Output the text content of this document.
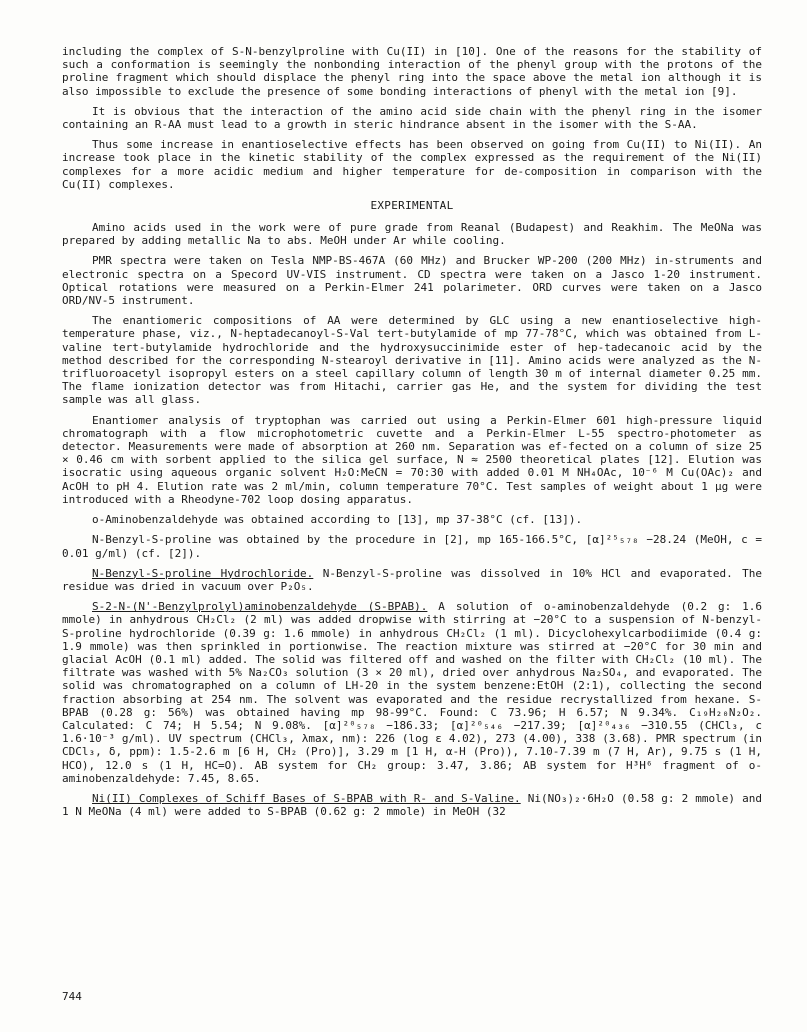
including the complex of S-N-benzylproline with Cu(II) in [10]. One of the reasons for the stability of such a conformation is seemingly the nonbonding interaction of the phenyl group with the protons of the proline fragment which should displace the phenyl ring into the space above the metal ion although it is also impossible to exclude the presence of some bonding interactions of phenyl with the metal ion [9].

It is obvious that the interaction of the amino acid side chain with the phenyl ring in the isomer containing an R-AA must lead to a growth in steric hindrance absent in the isomer with the S-AA.

Thus some increase in enantioselective effects has been observed on going from Cu(II) to Ni(II). An increase took place in the kinetic stability of the complex expressed as the requirement of the Ni(II) complexes for a more acidic medium and higher temperature for de-composition in comparison with the Cu(II) complexes.

EXPERIMENTAL

Amino acids used in the work were of pure grade from Reanal (Budapest) and Reakhim. The MeONa was prepared by adding metallic Na to abs. MeOH under Ar while cooling.

PMR spectra were taken on Tesla NMP-BS-467A (60 MHz) and Brucker WP-200 (200 MHz) in-struments and electronic spectra on a Specord UV-VIS instrument. CD spectra were taken on a Jasco 1-20 instrument. Optical rotations were measured on a Perkin-Elmer 241 polarimeter. ORD curves were taken on a Jasco ORD/NV-5 instrument.

The enantiomeric compositions of AA were determined by GLC using a new enantioselective high-temperature phase, viz., N-heptadecanoyl-S-Val tert-butylamide of mp 77-78°C, which was obtained from L-valine tert-butylamide hydrochloride and the hydroxysuccinimide ester of hep-tadecanoic acid by the method described for the corresponding N-stearoyl derivative in [11]. Amino acids were analyzed as the N-trifluoroacetyl isopropyl esters on a steel capillary column of length 30 m of internal diameter 0.25 mm. The flame ionization detector was from Hitachi, carrier gas He, and the system for dividing the test sample was all glass.

Enantiomer analysis of tryptophan was carried out using a Perkin-Elmer 601 high-pressure liquid chromatograph with a flow microphotometric cuvette and a Perkin-Elmer L-55 spectro-photometer as detector. Measurements were made of absorption at 260 nm. Separation was ef-fected on a column of size 25 × 0.46 cm with sorbent applied to the silica gel surface, N ≈ 2500 theoretical plates [12]. Elution was isocratic using aqueous organic solvent H₂O:MeCN = 70:30 with added 0.01 M NH₄OAc, 10⁻⁶ M Cu(OAc)₂ and AcOH to pH 4. Elution rate was 2 ml/min, column temperature 70°C. Test samples of weight about 1 μg were introduced with a Rheodyne-702 loop dosing apparatus.

o-Aminobenzaldehyde was obtained according to [13], mp 37-38°C (cf. [13]).

N-Benzyl-S-proline was obtained by the procedure in [2], mp 165-166.5°C, [α]²⁵₅₇₈ −28.24 (MeOH, c = 0.01 g/ml) (cf. [2]).

N-Benzyl-S-proline Hydrochloride. N-Benzyl-S-proline was dissolved in 10% HCl and evaporated. The residue was dried in vacuum over P₂O₅.

S-2-N-(N'-Benzylprolyl)aminobenzaldehyde (S-BPAB). A solution of o-aminobenzaldehyde (0.2 g: 1.6 mmole) in anhydrous CH₂Cl₂ (2 ml) was added dropwise with stirring at −20°C to a suspension of N-benzyl-S-proline hydrochloride (0.39 g: 1.6 mmole) in anhydrous CH₂Cl₂ (1 ml). Dicyclohexylcarbodiimide (0.4 g: 1.9 mmole) was then sprinkled in portionwise. The reaction mixture was stirred at −20°C for 30 min and glacial AcOH (0.1 ml) added. The solid was filtered off and washed on the filter with CH₂Cl₂ (10 ml). The filtrate was washed with 5% Na₂CO₃ solution (3 × 20 ml), dried over anhydrous Na₂SO₄, and evaporated. The solid was chromatographed on a column of LH-20 in the system benzene:EtOH (2:1), collecting the second fraction absorbing at 254 nm. The solvent was evaporated and the residue recrystallized from hexane. S-BPAB (0.28 g: 56%) was obtained having mp 98-99°C. Found: C 73.96; H 6.57; N 9.34%. C₁₉H₂₀N₂O₂. Calculated: C 74; H 5.54; N 9.08%. [α]²⁰₅₇₈ −186.33; [α]²⁰₅₄₆ −217.39; [α]²⁰₄₃₆ −310.55 (CHCl₃, c 1.6·10⁻³ g/ml). UV spectrum (CHCl₃, λmax, nm): 226 (log ε 4.02), 273 (4.00), 338 (3.68). PMR spectrum (in CDCl₃, δ, ppm): 1.5-2.6 m [6 H, CH₂ (Pro)], 3.29 m [1 H, α-H (Pro)), 7.10-7.39 m (7 H, Ar), 9.75 s (1 H, HCO), 12.0 s (1 H, HC=O). AB system for CH₂ group: 3.47, 3.86; AB system for H³H⁶ fragment of o-aminobenzaldehyde: 7.45, 8.65.

Ni(II) Complexes of Schiff Bases of S-BPAB with R- and S-Valine. Ni(NO₃)₂·6H₂O (0.58 g: 2 mmole) and 1 N MeONa (4 ml) were added to S-BPAB (0.62 g: 2 mmole) in MeOH (32

744
